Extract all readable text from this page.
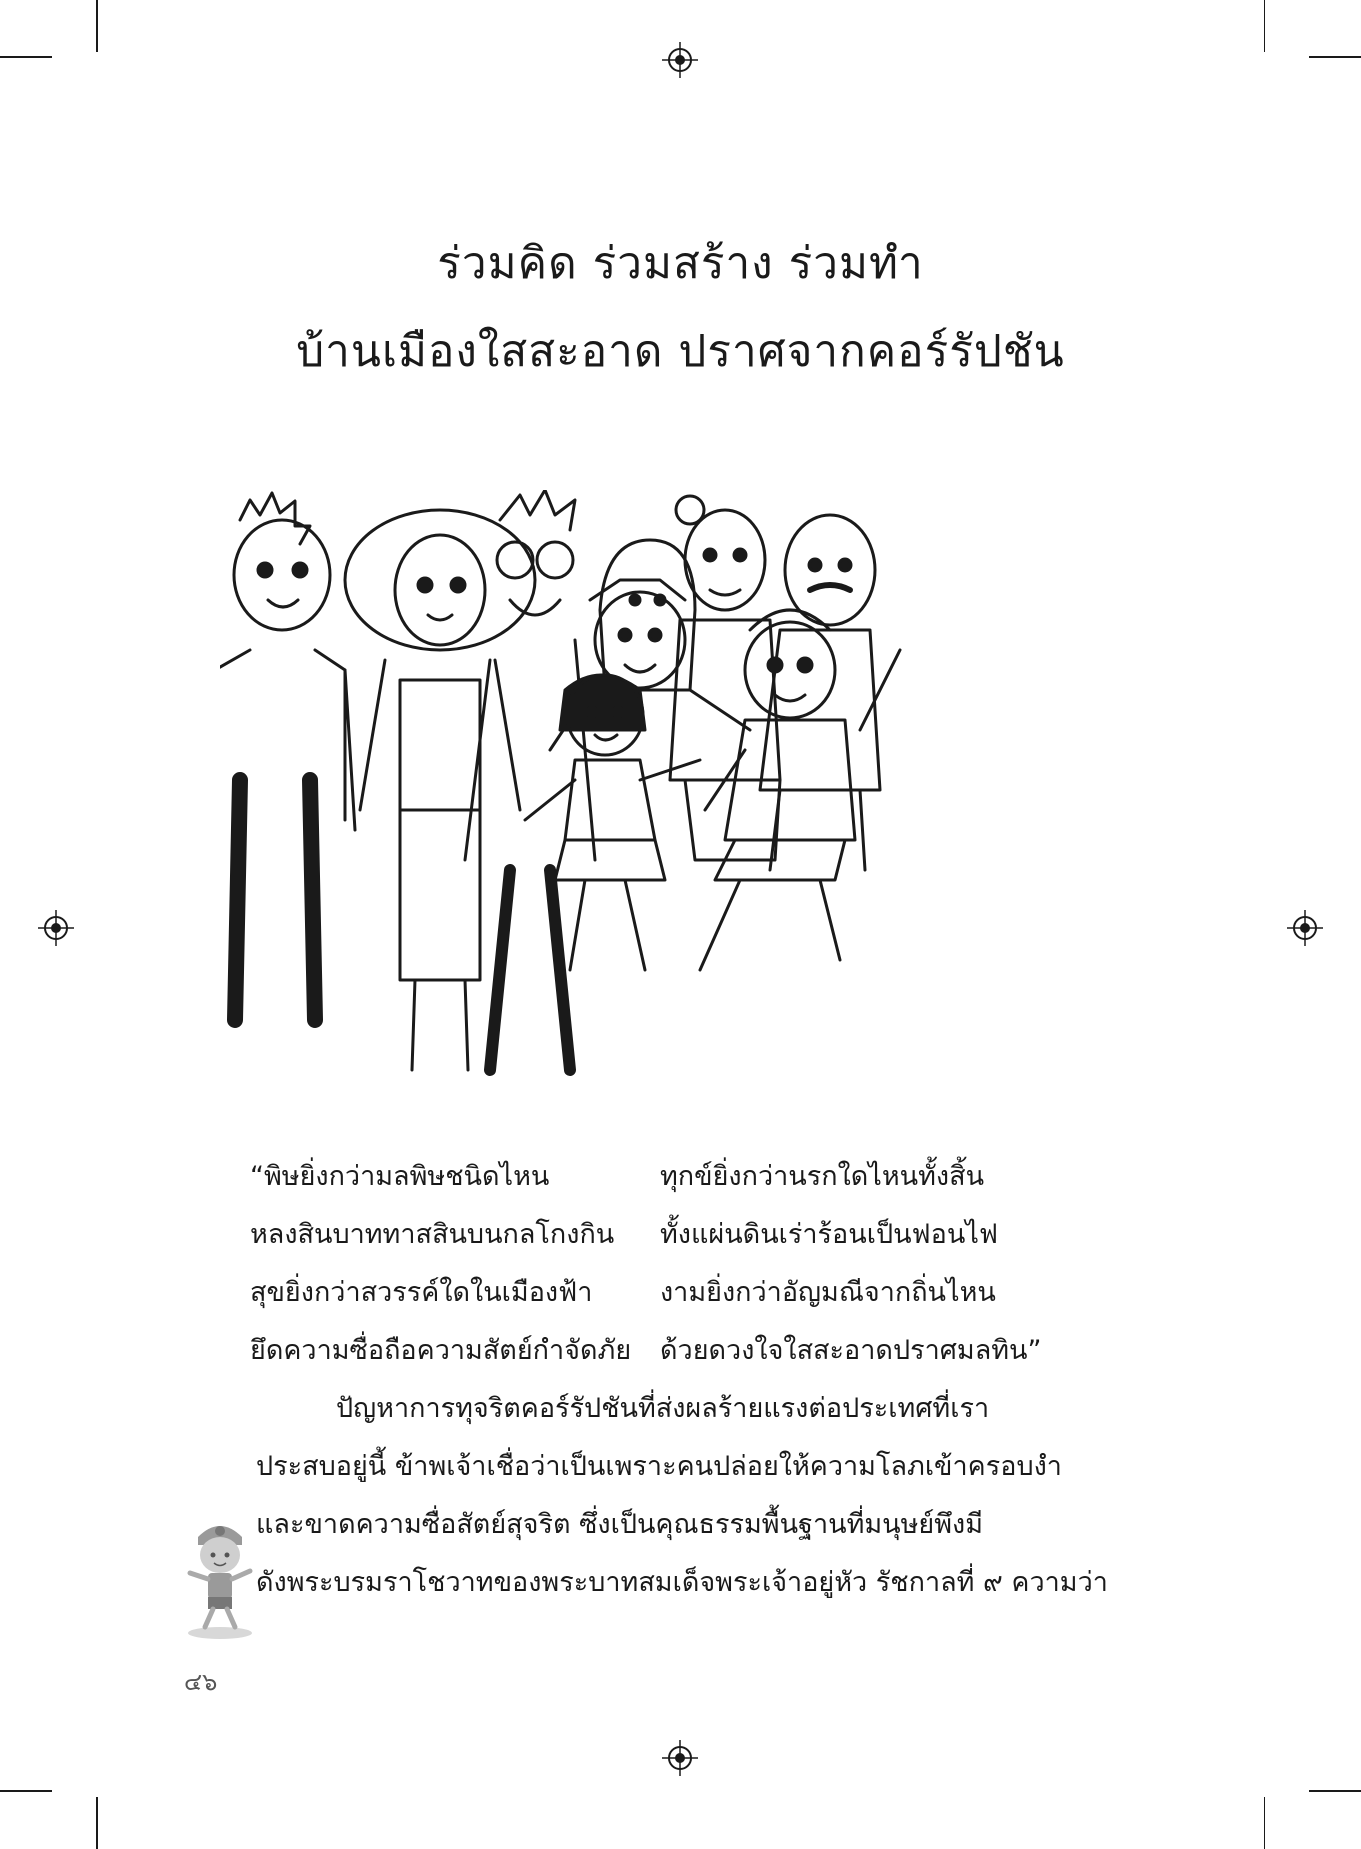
ร่วมคิด ร่วมสร้าง ร่วมทำ
บ้านเมืองใสสะอาด ปราศจากคอร์รัปชัน
“พิษยิ่งกว่ามลพิษชนิดไหน	ทุกข์ยิ่งกว่านรกใดไหนทั้งสิ้น
หลงสินบาททาสสินบนกลโกงกิน	ทั้งแผ่นดินเร่าร้อนเป็นฟอนไฟ
สุขยิ่งกว่าสวรรค์ใดในเมืองฟ้า	งามยิ่งกว่าอัญมณีจากถิ่นไหน
ยึดความซื่อถือความสัตย์กำจัดภัย	ด้วยดวงใจใสสะอาดปราศมลทิน”
ปัญหาการทุจริตคอร์รัปชันที่ส่งผลร้ายแรงต่อประเทศที่เรา
ประสบอยู่นี้ ข้าพเจ้าเชื่อว่าเป็นเพราะคนปล่อยให้ความโลภเข้าครอบงำ
และขาดความซื่อสัตย์สุจริต ซึ่งเป็นคุณธรรมพื้นฐานที่มนุษย์พึงมี
ดังพระบรมราโชวาทของพระบาทสมเด็จพระเจ้าอยู่หัว รัชกาลที่ ๙ ความว่า
๔๖
